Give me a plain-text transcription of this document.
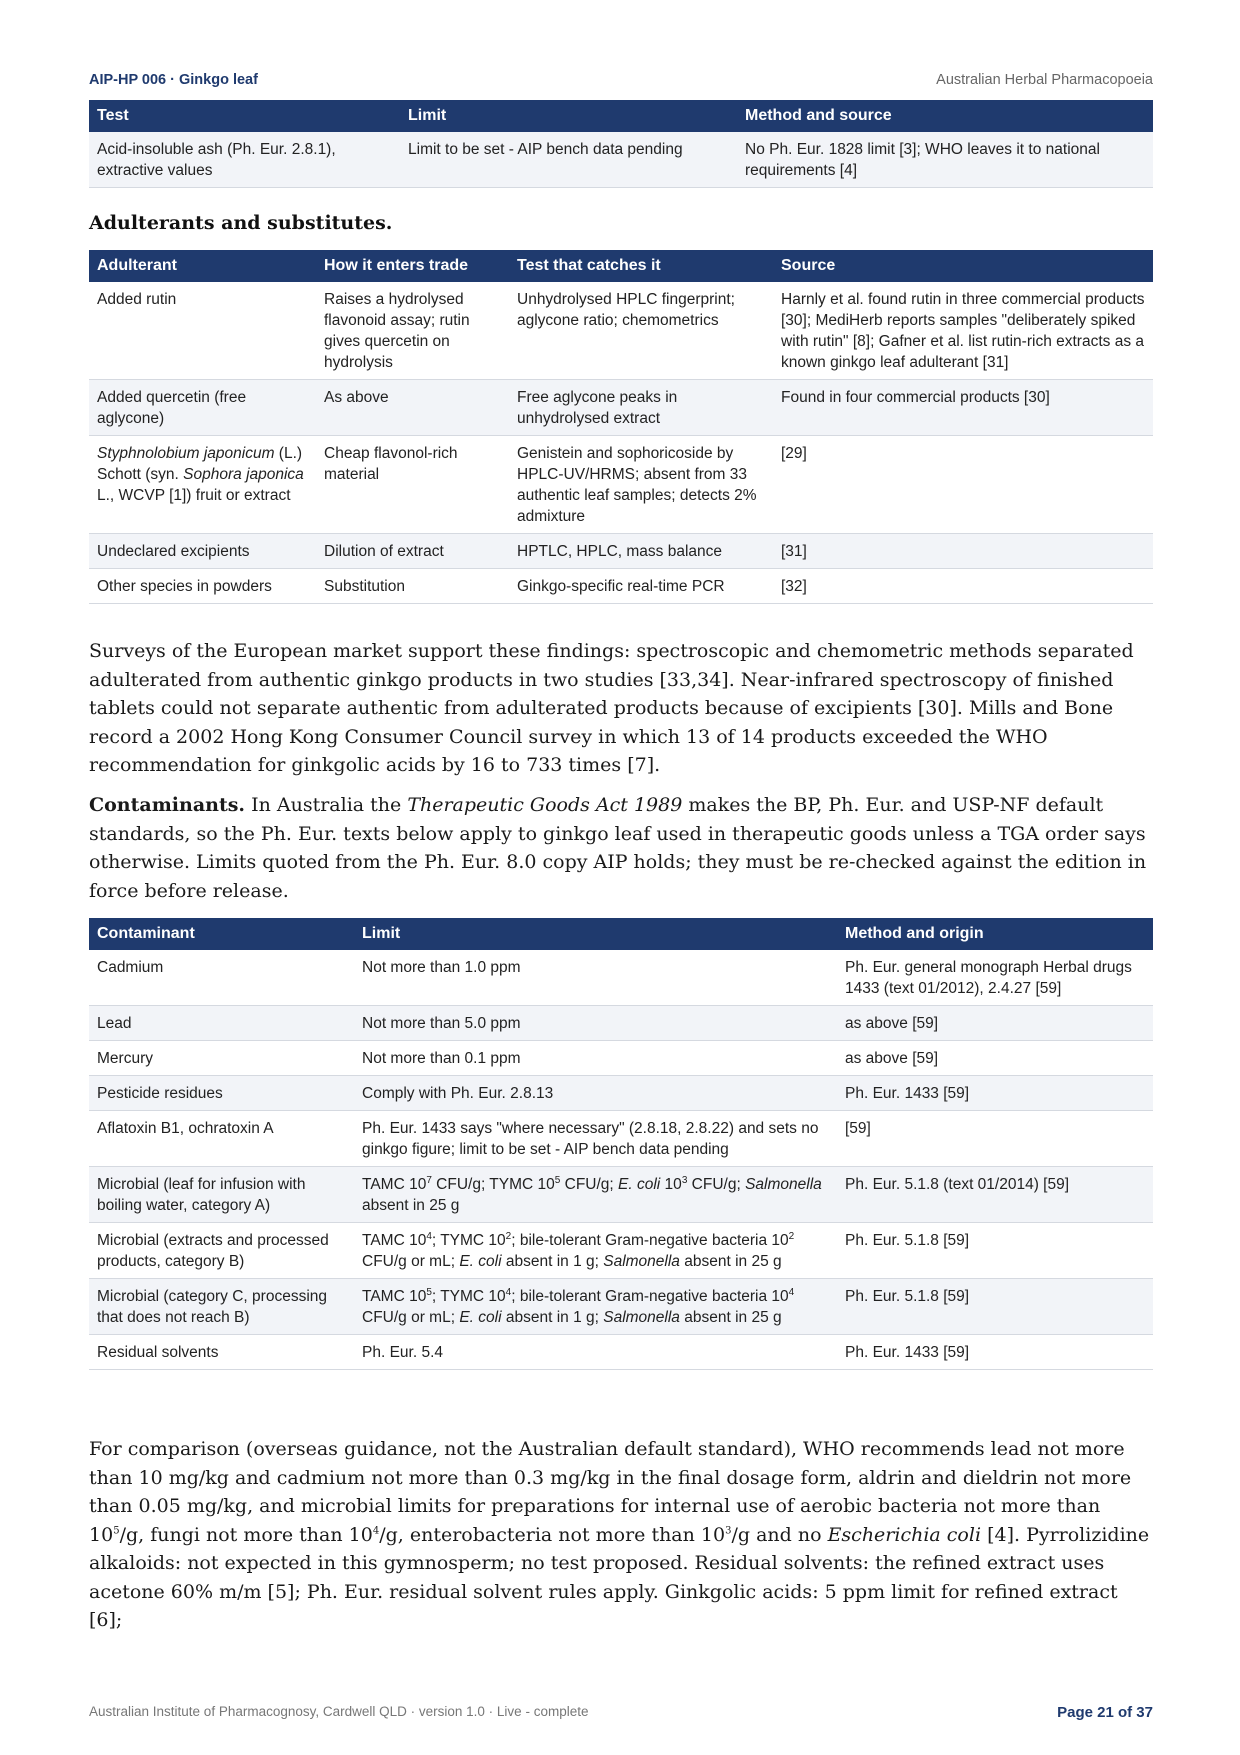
AIP-HP 006 · Ginkgo leaf	Australian Herbal Pharmacopoeia
Test	Limit	Method and source
Acid-insoluble ash (Ph. Eur. 2.8.1), extractive values	Limit to be set - AIP bench data pending	No Ph. Eur. 1828 limit [3]; WHO leaves it to national requirements [4]
Adulterants and substitutes.
Adulterant	How it enters trade	Test that catches it	Source
Added rutin	Raises a hydrolysed flavonoid assay; rutin gives quercetin on hydrolysis	Unhydrolysed HPLC fingerprint; aglycone ratio; chemometrics	Harnly et al. found rutin in three commercial products [30]; MediHerb reports samples "deliberately spiked with rutin" [8]; Gafner et al. list rutin-rich extracts as a known ginkgo leaf adulterant [31]
Added quercetin (free aglycone)	As above	Free aglycone peaks in unhydrolysed extract	Found in four commercial products [30]
Styphnolobium japonicum (L.) Schott (syn. Sophora japonica L., WCVP [1]) fruit or extract	Cheap flavonol-rich material	Genistein and sophoricoside by HPLC-UV/HRMS; absent from 33 authentic leaf samples; detects 2% admixture	[29]
Undeclared excipients	Dilution of extract	HPTLC, HPLC, mass balance	[31]
Other species in powders	Substitution	Ginkgo-specific real-time PCR	[32]

Surveys of the European market support these findings: spectroscopic and chemometric methods separated adulterated from authentic ginkgo products in two studies [33,34]. Near-infrared spectroscopy of finished tablets could not separate authentic from adulterated products because of excipients [30]. Mills and Bone record a 2002 Hong Kong Consumer Council survey in which 13 of 14 products exceeded the WHO recommendation for ginkgolic acids by 16 to 733 times [7].

Contaminants. In Australia the Therapeutic Goods Act 1989 makes the BP, Ph. Eur. and USP-NF default standards, so the Ph. Eur. texts below apply to ginkgo leaf used in therapeutic goods unless a TGA order says otherwise. Limits quoted from the Ph. Eur. 8.0 copy AIP holds; they must be re-checked against the edition in force before release.

Contaminant	Limit	Method and origin
Cadmium	Not more than 1.0 ppm	Ph. Eur. general monograph Herbal drugs 1433 (text 01/2012), 2.4.27 [59]
Lead	Not more than 5.0 ppm	as above [59]
Mercury	Not more than 0.1 ppm	as above [59]
Pesticide residues	Comply with Ph. Eur. 2.8.13	Ph. Eur. 1433 [59]
Aflatoxin B1, ochratoxin A	Ph. Eur. 1433 says "where necessary" (2.8.18, 2.8.22) and sets no ginkgo figure; limit to be set - AIP bench data pending	[59]
Microbial (leaf for infusion with boiling water, category A)	TAMC $10^7$ CFU/g; TYMC $10^5$ CFU/g; E. coli $10^3$ CFU/g; Salmonella absent in 25 g	Ph. Eur. 5.1.8 (text 01/2014) [59]
Microbial (extracts and processed products, category B)	TAMC $10^4$; TYMC $10^2$; bile-tolerant Gram-negative bacteria $10^2$ CFU/g or mL; E. coli absent in 1 g; Salmonella absent in 25 g	Ph. Eur. 5.1.8 [59]
Microbial (category C, processing that does not reach B)	TAMC $10^5$; TYMC $10^4$; bile-tolerant Gram-negative bacteria $10^4$ CFU/g or mL; E. coli absent in 1 g; Salmonella absent in 25 g	Ph. Eur. 5.1.8 [59]
Residual solvents	Ph. Eur. 5.4	Ph. Eur. 1433 [59]

For comparison (overseas guidance, not the Australian default standard), WHO recommends lead not more than 10 mg/kg and cadmium not more than 0.3 mg/kg in the final dosage form, aldrin and dieldrin not more than 0.05 mg/kg, and microbial limits for preparations for internal use of aerobic bacteria not more than $10^5/g$, fungi not more than $10^4/g$, enterobacteria not more than $10^3/g$ and no Escherichia coli [4]. Pyrrolizidine alkaloids: not expected in this gymnosperm; no test proposed. Residual solvents: the refined extract uses acetone 60% m/m [5]; Ph. Eur. residual solvent rules apply. Ginkgolic acids: 5 ppm limit for refined extract [6];

Australian Institute of Pharmacognosy, Cardwell QLD · version 1.0 · Live - complete	Page 21 of 37
